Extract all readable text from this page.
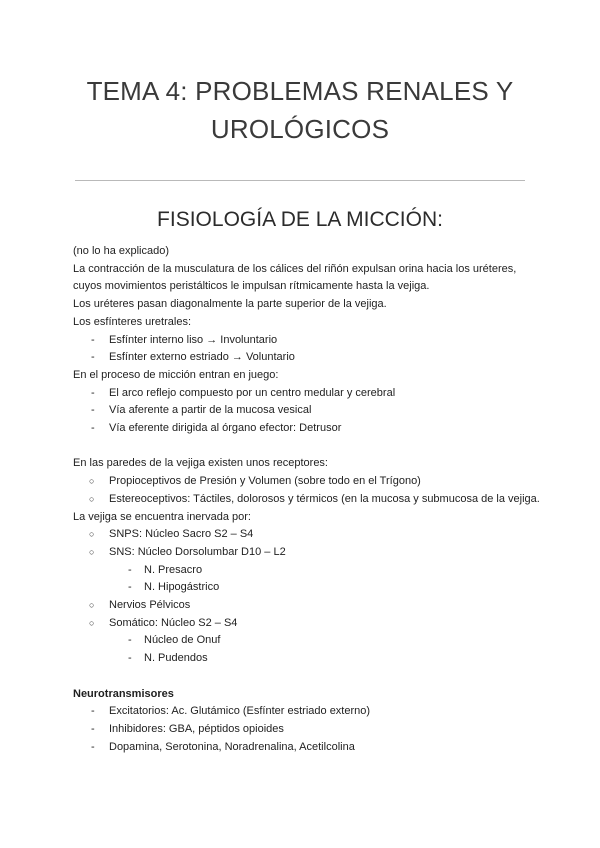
TEMA 4: PROBLEMAS RENALES Y
UROLÓGICOS
FISIOLOGÍA DE LA MICCIÓN:
(no lo ha explicado)
La contracción de la musculatura de los cálices del riñón expulsan orina hacia los uréteres,
cuyos movimientos peristálticos le impulsan rítmicamente hasta la vejiga.
Los uréteres pasan diagonalmente la parte superior de la vejiga.
Los esfínteres uretrales:
- Esfínter interno liso → Involuntario
- Esfínter externo estriado → Voluntario
En el proceso de micción entran en juego:
- El arco reflejo compuesto por un centro medular y cerebral
- Vía aferente a partir de la mucosa vesical
- Vía eferente dirigida al órgano efector: Detrusor
En las paredes de la vejiga existen unos receptores:
○ Propioceptivos de Presión y Volumen (sobre todo en el Trígono)
○ Estereoceptivos: Táctiles, dolorosos y térmicos (en la mucosa y submucosa de la vejiga.
La vejiga se encuentra inervada por:
○ SNPS: Núcleo Sacro S2 – S4
○ SNS: Núcleo Dorsolumbar D10 – L2
- N. Presacro
- N. Hipogástrico
○ Nervios Pélvicos
○ Somático: Núcleo S2 – S4
- Núcleo de Onuf
- N. Pudendos
Neurotransmisores
- Excitatorios: Ac. Glutámico (Esfínter estriado externo)
- Inhibidores: GBA, péptidos opioides
- Dopamina, Serotonina, Noradrenalina, Acetilcolina
